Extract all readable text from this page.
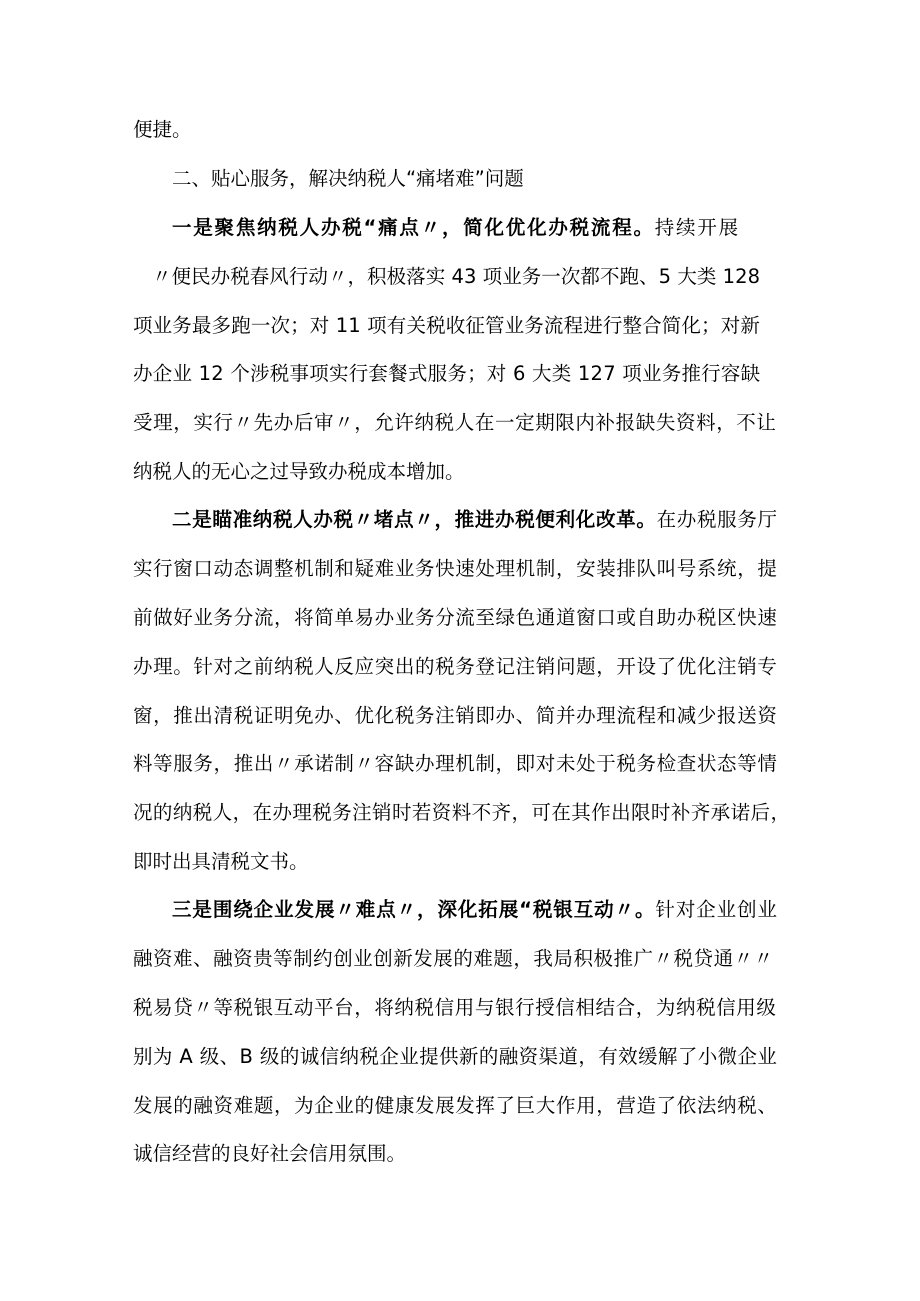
便捷。
二、贴心服务，解决纳税人“痛堵难”问题
一是聚焦纳税人办税“痛点〃，简化优化办税流程。持续开展
〃便民办税春风行动〃，积极落实 43 项业务一次都不跑、5 大类 128
项业务最多跑一次；对 11 项有关税收征管业务流程进行整合简化；对新
办企业 12 个涉税事项实行套餐式服务；对 6 大类 127 项业务推行容缺
受理，实行〃先办后审〃，允许纳税人在一定期限内补报缺失资料，不让
纳税人的无心之过导致办税成本增加。
二是瞄准纳税人办税〃堵点〃，推进办税便利化改革。在办税服务厅
实行窗口动态调整机制和疑难业务快速处理机制，安装排队叫号系统，提
前做好业务分流，将简单易办业务分流至绿色通道窗口或自助办税区快速
办理。针对之前纳税人反应突出的税务登记注销问题，开设了优化注销专
窗，推出清税证明免办、优化税务注销即办、简并办理流程和减少报送资
料等服务，推出〃承诺制〃容缺办理机制，即对未处于税务检查状态等情
况的纳税人，在办理税务注销时若资料不齐，可在其作出限时补齐承诺后，
即时出具清税文书。
三是围绕企业发展〃难点〃，深化拓展“税银互动〃。针对企业创业
融资难、融资贵等制约创业创新发展的难题，我局积极推广〃税贷通〃〃
税易贷〃等税银互动平台，将纳税信用与银行授信相结合，为纳税信用级
别为 A 级、B 级的诚信纳税企业提供新的融资渠道，有效缓解了小微企业
发展的融资难题，为企业的健康发展发挥了巨大作用，营造了依法纳税、
诚信经营的良好社会信用氛围。
